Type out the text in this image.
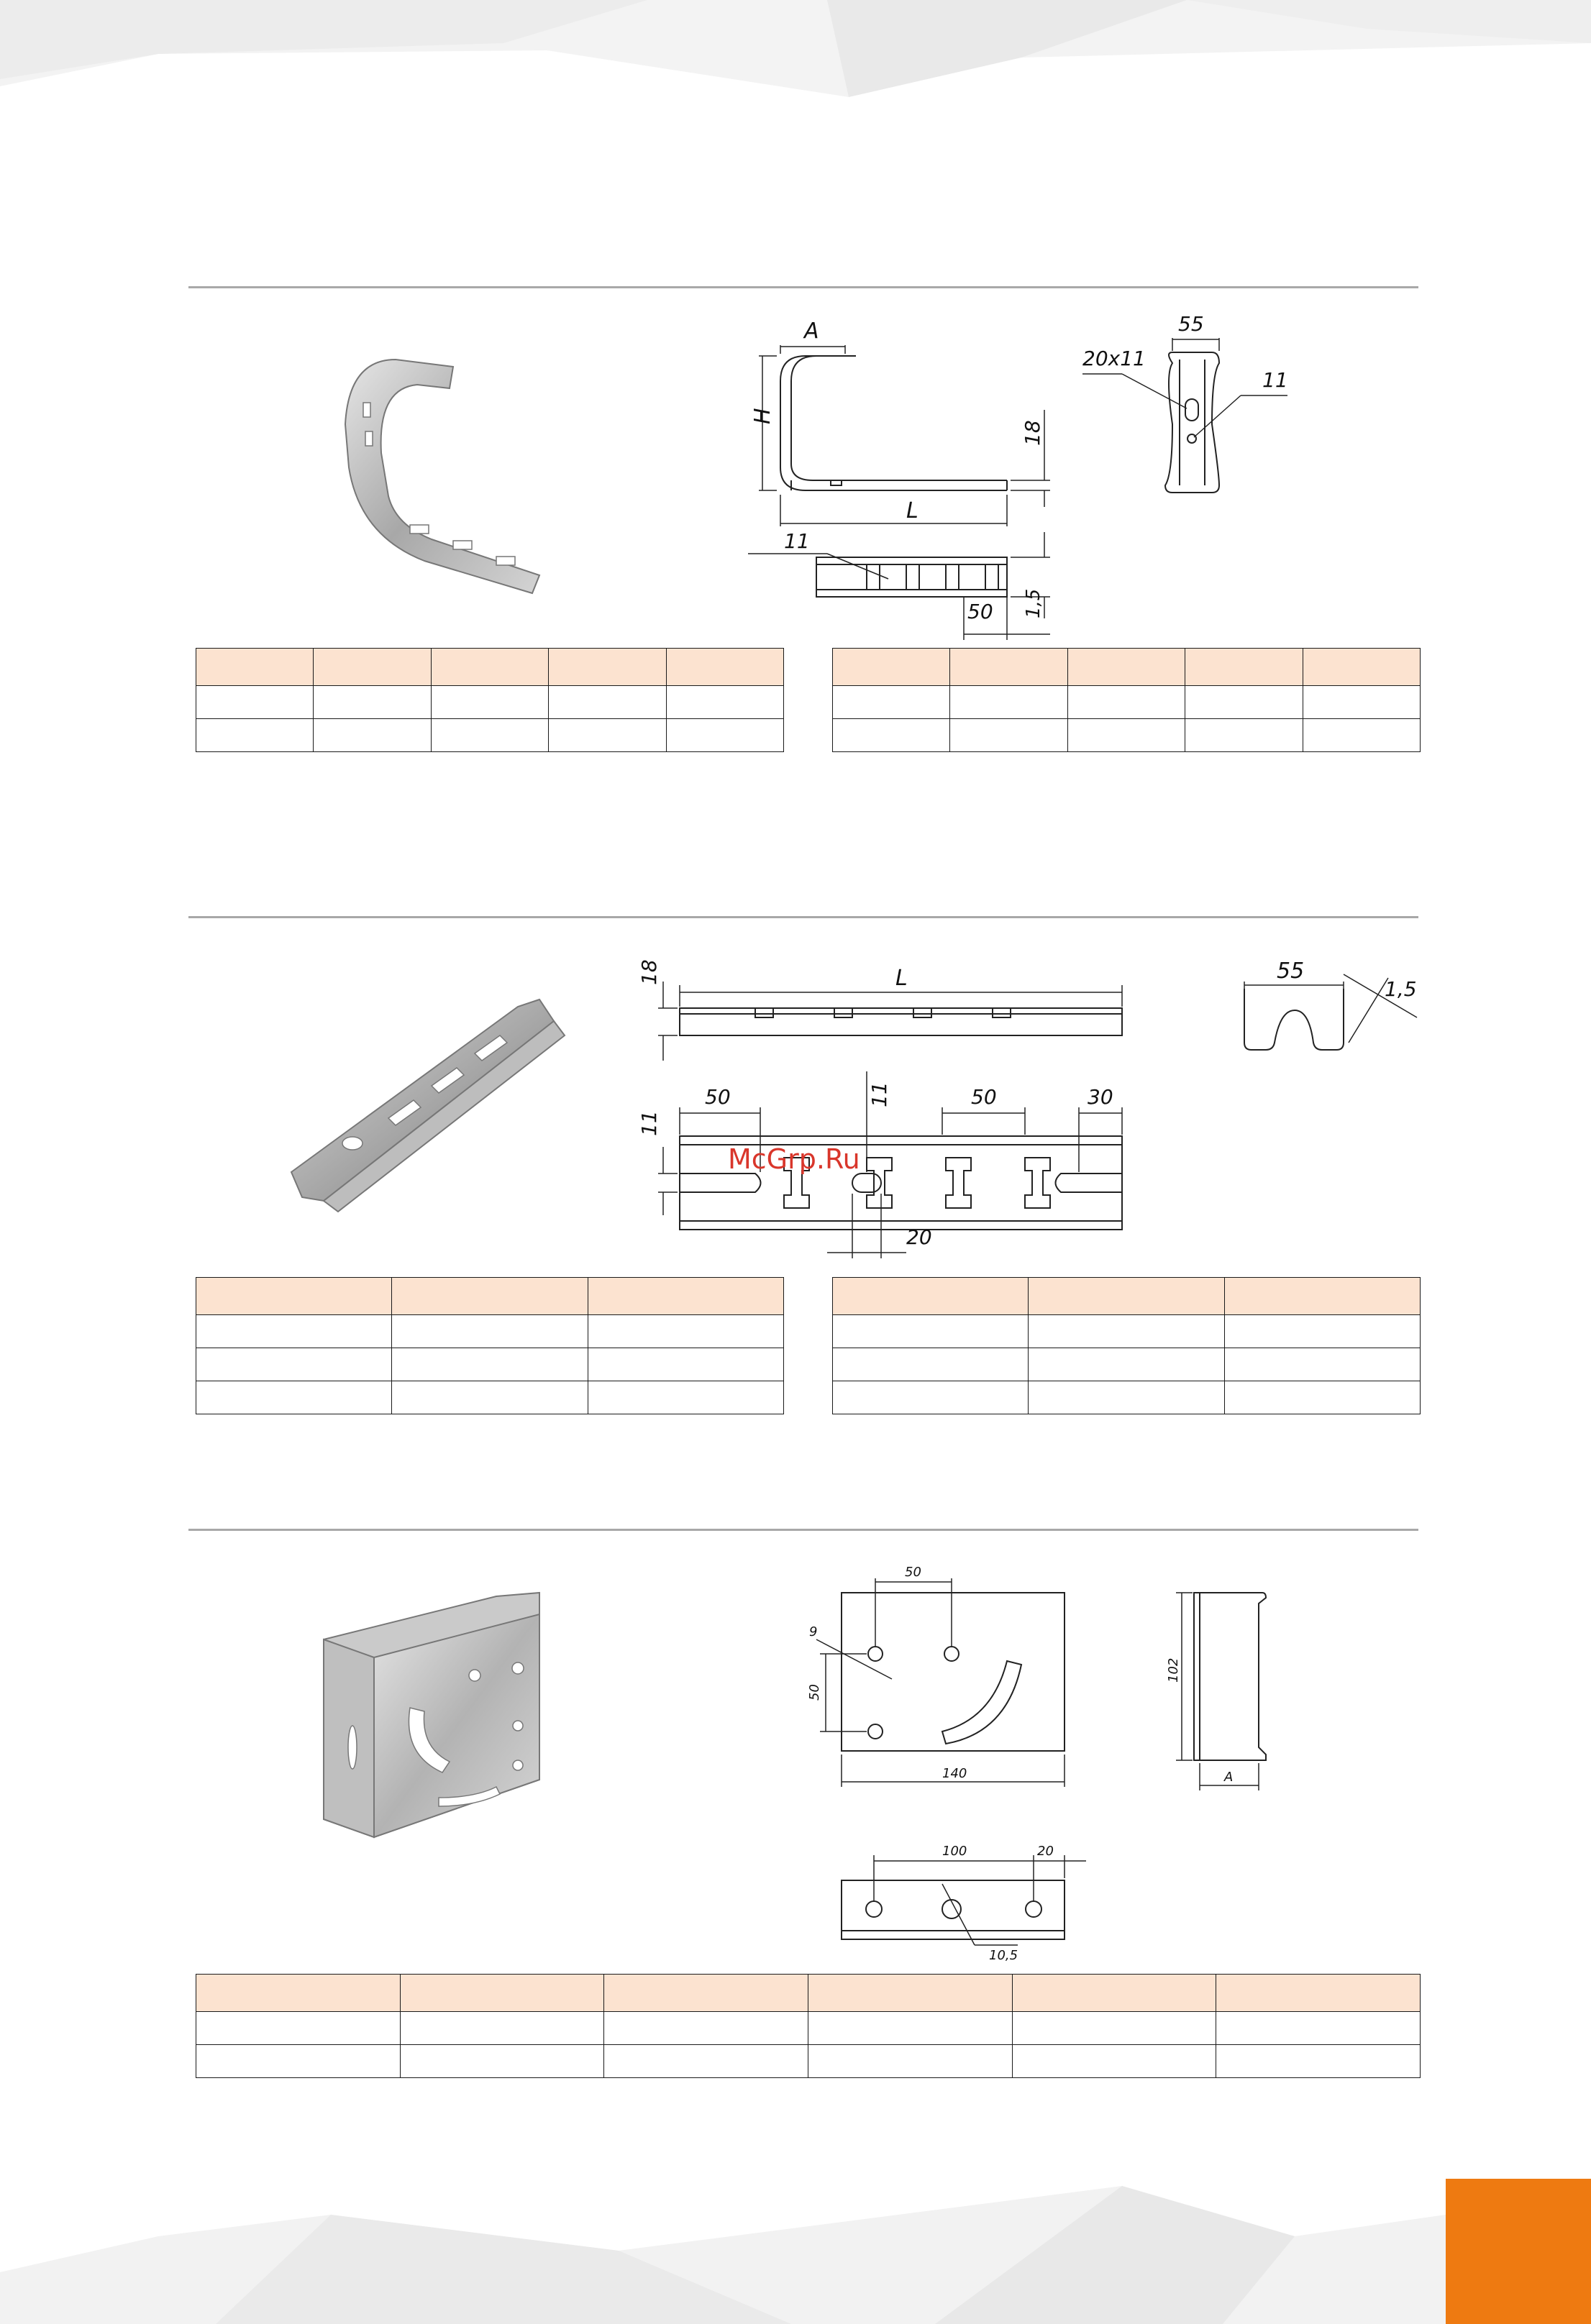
A
H
L
18
11
50 1,5
55
20x11
11

18	L
50
11
11	50	30
20
55
1,5
McGrp.Ru

50
9
50
140
102
A
100	20
10,5
